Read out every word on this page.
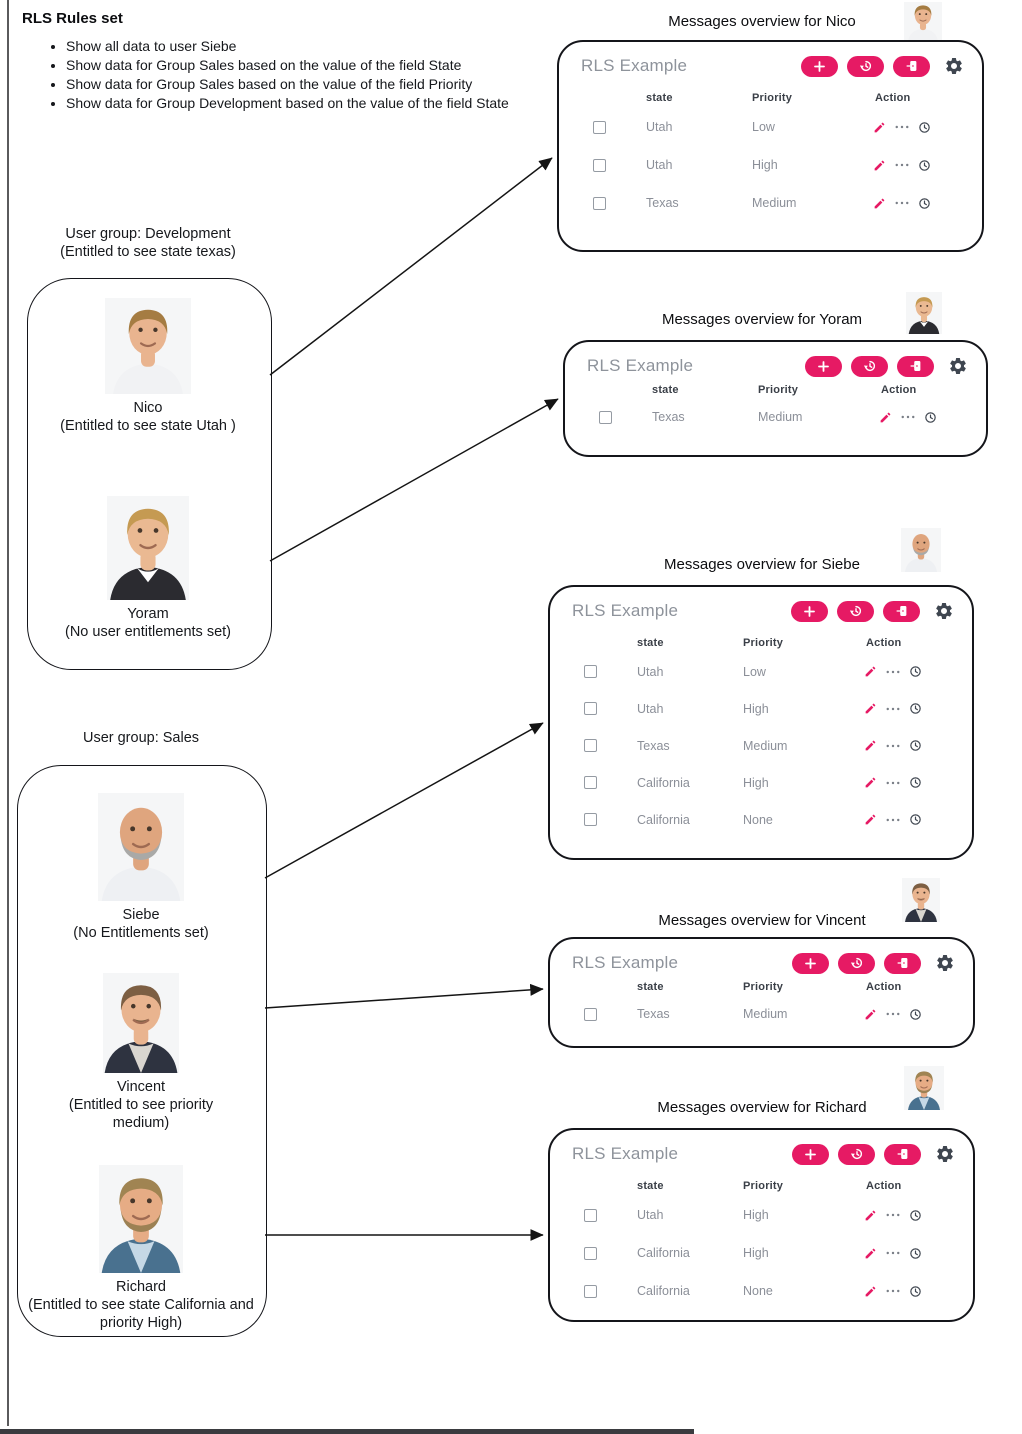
RLS Rules set
• Show all data to user Siebe
• Show data for Group Sales based on the value of the field State
• Show data for Group Sales based on the value of the field Priority
• Show data for Group Development based on the value of the field State
User group: Development
(Entitled to see state texas)
Nico
(Entitled to see state Utah )
Yoram
(No user entitlements set)
User group: Sales
Siebe
(No Entitlements set)
Vincent
(Entitled to see priority medium)
Richard
(Entitled to see state California and priority High)
Messages overview for Nico
Messages overview for Yoram
Messages overview for Siebe
Messages overview for Vincent
Messages overview for Richard
RLS Example
state	Priority	Action
Utah	Low
Utah	High
Texas	Medium
RLS Example
state	Priority	Action
Texas	Medium
RLS Example
state	Priority	Action
Utah	Low
Utah	High
Texas	Medium
California	High
California	None
RLS Example
state	Priority	Action
Texas	Medium
RLS Example
state	Priority	Action
Utah	High
California	High
California	None
